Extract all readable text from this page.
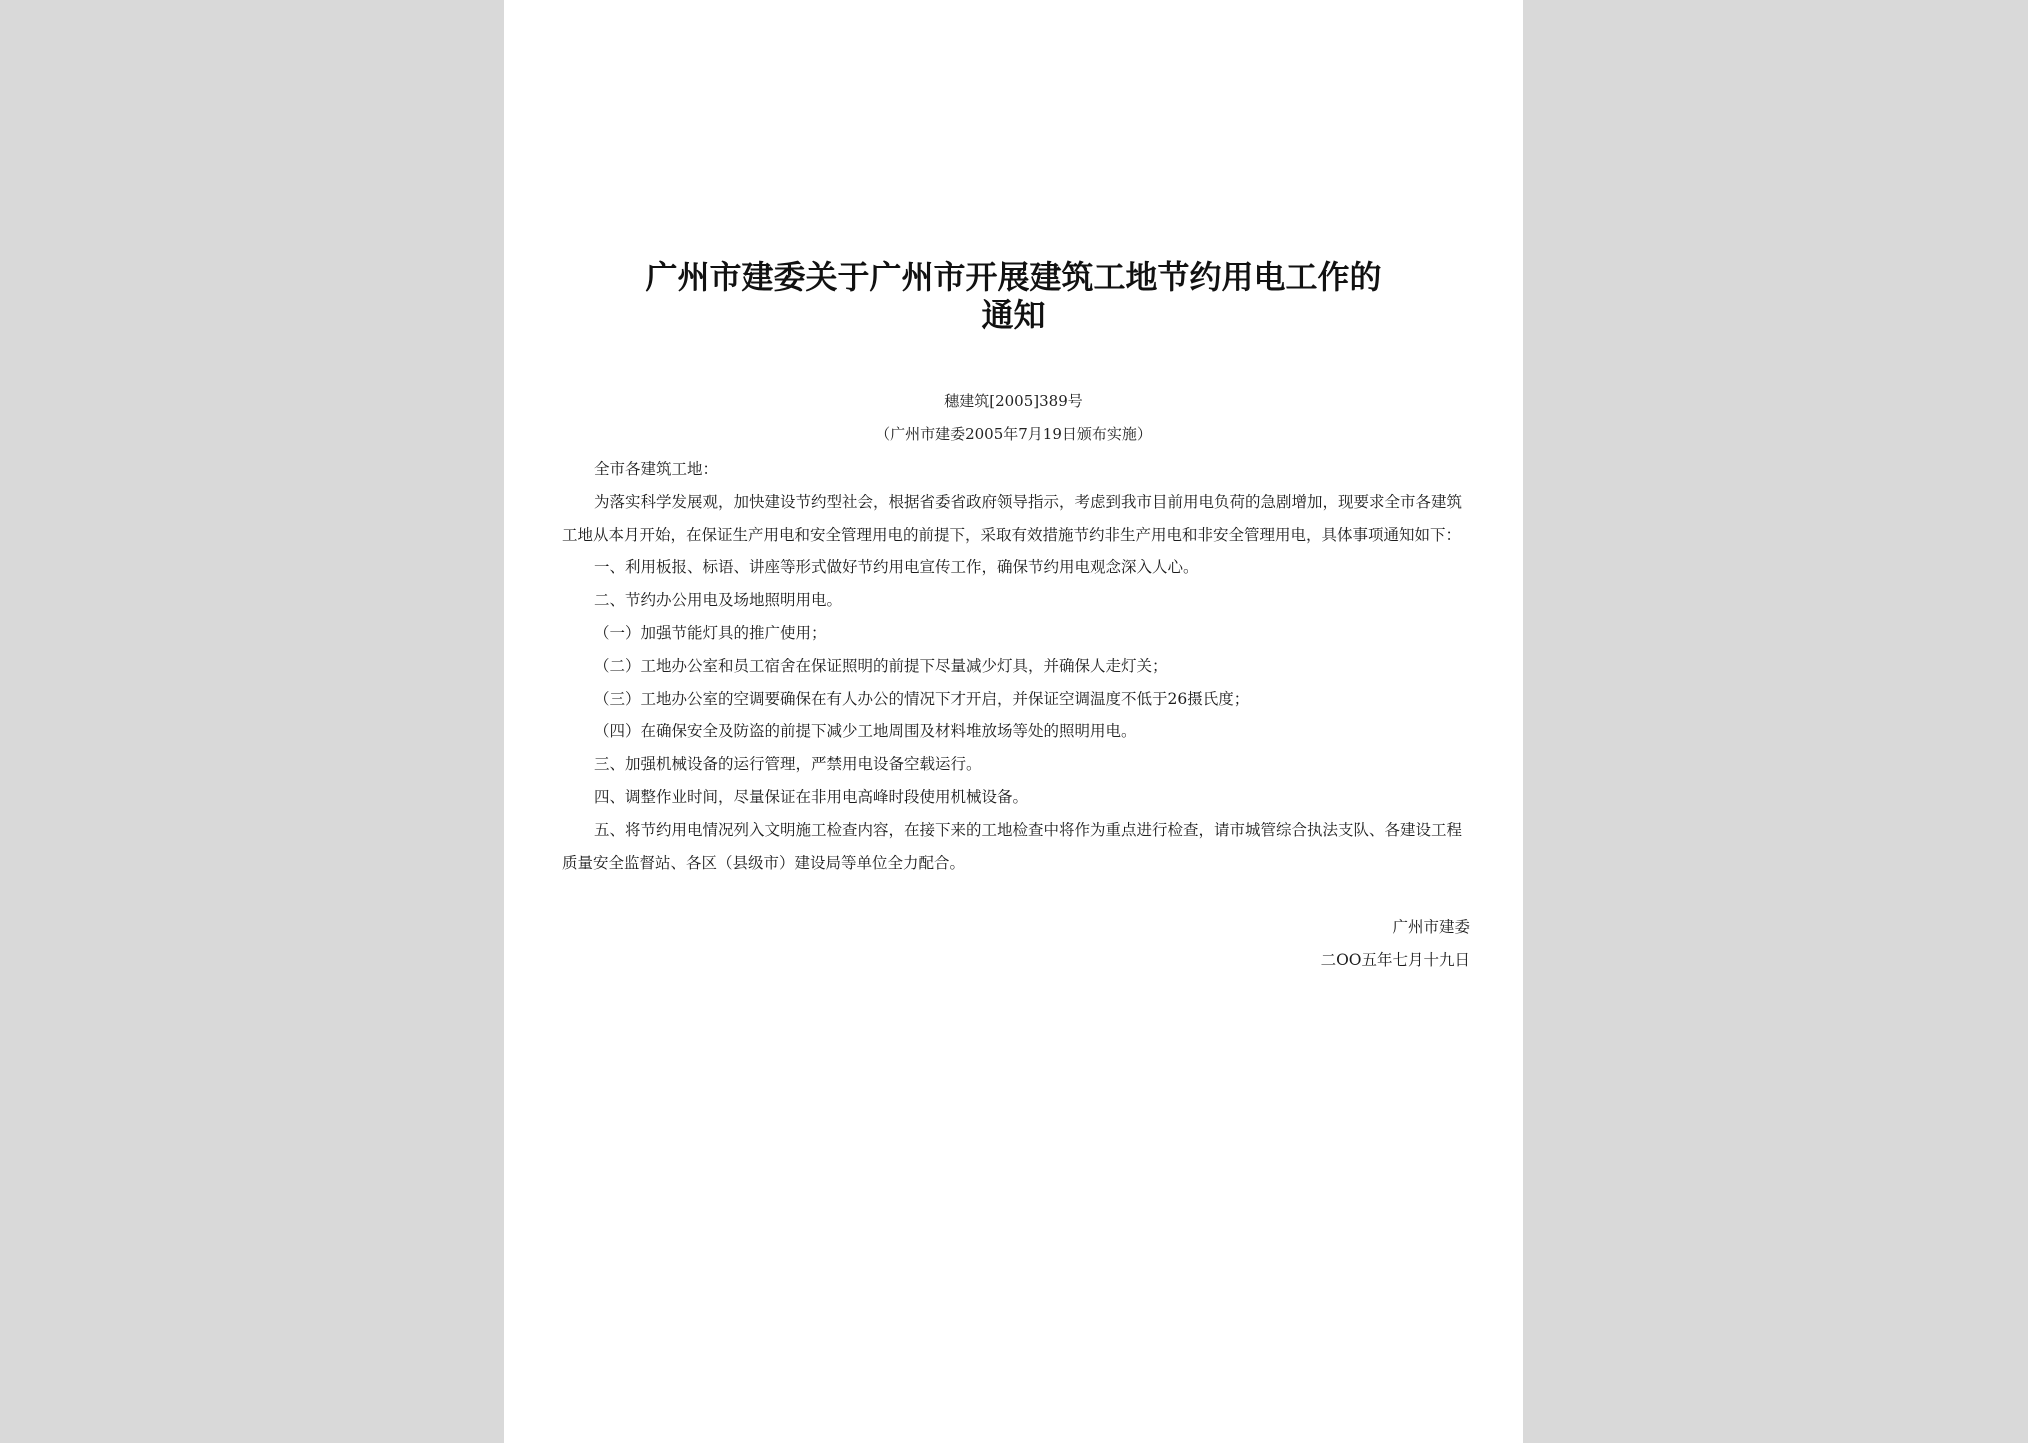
广州市建委关于广州市开展建筑工地节约用电工作的
通知
穗建筑[2005]389号
（广州市建委2005年7月19日颁布实施）

全市各建筑工地：

为落实科学发展观，加快建设节约型社会，根据省委省政府领导指示，考虑到我市目前用电负荷的急剧增加，现要求全市各建筑工地从本月开始，在保证生产用电和安全管理用电的前提下，采取有效措施节约非生产用电和非安全管理用电，具体事项通知如下：

一、利用板报、标语、讲座等形式做好节约用电宣传工作，确保节约用电观念深入人心。

二、节约办公用电及场地照明用电。

（一）加强节能灯具的推广使用；

（二）工地办公室和员工宿舍在保证照明的前提下尽量减少灯具，并确保人走灯关；

（三）工地办公室的空调要确保在有人办公的情况下才开启，并保证空调温度不低于26摄氏度；

（四）在确保安全及防盗的前提下减少工地周围及材料堆放场等处的照明用电。

三、加强机械设备的运行管理，严禁用电设备空载运行。

四、调整作业时间，尽量保证在非用电高峰时段使用机械设备。

五、将节约用电情况列入文明施工检查内容，在接下来的工地检查中将作为重点进行检查，请市城管综合执法支队、各建设工程质量安全监督站、各区（县级市）建设局等单位全力配合。

广州市建委

二OO五年七月十九日
